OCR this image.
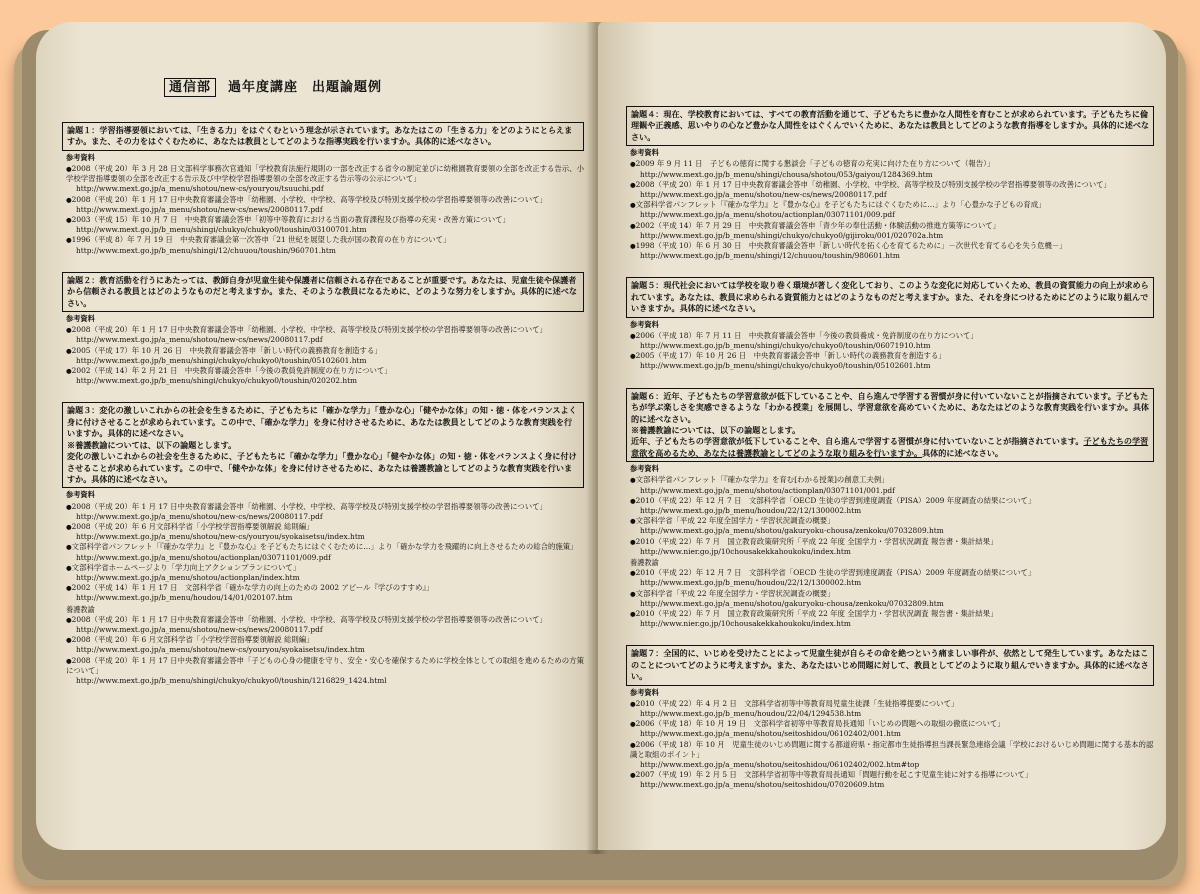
通信部 過年度講座　出題論題例
論題１：学習指導要領においては、「生きる力」をはぐくむという理念が示されています。あなたはこの「生きる力」をどのようにとらえますか。また、その力をはぐくむために、あなたは教員としてどのような指導実践を行いますか。具体的に述べなさい。
参考資料
● 2008（平成 20）年 3 月 28 日文部科学事務次官通知「学校教育法施行規則の一部を改正する省令の制定並びに幼稚園教育要領の全部を改正する告示、小学校学習指導要領の全部を改正する告示及び中学校学習指導要領の全部を改正する告示等の公示について」
http://www.mext.go.jp/a_menu/shotou/new-cs/youryou/tsuuchi.pdf
● 2008（平成 20）年 1 月 17 日中央教育審議会答申「幼稚園、小学校、中学校、高等学校及び特別支援学校の学習指導要領等の改善について」
http://www.mext.go.jp/a_menu/shotou/new-cs/news/20080117.pdf
● 2003（平成 15）年 10 月 7 日　中央教育審議会答申「初等中等教育における当面の教育課程及び指導の充実・改善方策について」
http://www.mext.go.jp/b_menu/shingi/chukyo/chukyo0/toushin/03100701.htm
● 1996（平成 8）年 7 月 19 日　中央教育審議会第一次答申「21 世紀を展望した我が国の教育の在り方について」
http://www.mext.go.jp/b_menu/shingi/12/chuuou/toushin/960701.htm
論題２：教育活動を行うにあたっては、教師自身が児童生徒や保護者に信頼される存在であることが重要です。あなたは、児童生徒や保護者から信頼される教員とはどのようなものだと考えますか。また、そのような教員になるために、どのような努力をしますか。具体的に述べなさい。
参考資料
● 2008（平成 20）年 1 月 17 日中央教育審議会答申「幼稚園、小学校、中学校、高等学校及び特別支援学校の学習指導要領等の改善について」
http://www.mext.go.jp/a_menu/shotou/new-cs/news/20080117.pdf
● 2005（平成 17）年 10 月 26 日　中央教育審議会答申「新しい時代の義務教育を創造する」
http://www.mext.go.jp/b_menu/shingi/chukyo/chukyo0/toushin/05102601.htm
● 2002（平成 14）年 2 月 21 日　中央教育審議会答申「今後の教員免許制度の在り方について」
http://www.mext.go.jp/b_menu/shingi/chukyo/chukyo0/toushin/020202.htm
論題３：変化の激しいこれからの社会を生きるために、子どもたちに「確かな学力」「豊かな心」「健やかな体」の知・徳・体をバランスよく身に付けさせることが求められています。この中で、「確かな学力」を身に付けさせるために、あなたは教員としてどのような教育実践を行いますか。具体的に述べなさい。
※養護教諭については、以下の論題とします。
変化の激しいこれからの社会を生きるために、子どもたちに「確かな学力」「豊かな心」「健やかな体」の知・徳・体をバランスよく身に付けさせることが求められています。この中で、「健やかな体」を身に付けさせるために、あなたは養護教諭としてどのような教育実践を行いますか。具体的に述べなさい。
参考資料
● 2008（平成 20）年 1 月 17 日中央教育審議会答申「幼稚園、小学校、中学校、高等学校及び特別支援学校の学習指導要領等の改善について」
http://www.mext.go.jp/a_menu/shotou/new-cs/news/20080117.pdf
● 2008（平成 20）年 6 月文部科学省「小学校学習指導要領解説 総則編」
http://www.mext.go.jp/a_menu/shotou/new-cs/youryou/syokaisetsu/index.htm
● 文部科学省パンフレット「『確かな学力』と『豊かな心』を子どもたちにはぐくむために…」より「確かな学力を飛躍的に向上させるための総合的施策」
http://www.mext.go.jp/a_menu/shotou/actionplan/03071101/009.pdf
● 文部科学省ホームページより「学力向上アクションプランについて」
http://www.mext.go.jp/a_menu/shotou/actionplan/index.htm
● 2002（平成 14）年 1 月 17 日　文部科学省「確かな学力の向上のための 2002 アピール『学びのすすめ』」
http://www.mext.go.jp/b_menu/houdou/14/01/020107.htm
養護教諭
● 2008（平成 20）年 1 月 17 日中央教育審議会答申「幼稚園、小学校、中学校、高等学校及び特別支援学校の学習指導要領等の改善について」
http://www.mext.go.jp/a_menu/shotou/new-cs/news/20080117.pdf
● 2008（平成 20）年 6 月文部科学省「小学校学習指導要領解説 総則編」
http://www.mext.go.jp/a_menu/shotou/new-cs/youryou/syokaisetsu/index.htm
● 2008（平成 20）年 1 月 17 日中央教育審議会答申「子どもの心身の健康を守り、安全・安心を確保するために学校全体としての取組を進めるための方策について」
http://www.mext.go.jp/b_menu/shingi/chukyo/chukyo0/toushin/1216829_1424.html
論題４：現在、学校教育においては、すべての教育活動を通じて、子どもたちに豊かな人間性を育むことが求められています。子どもたちに倫理観や正義感、思いやりの心など豊かな人間性をはぐくんでいくために、あなたは教員としてどのような教育指導をしますか。具体的に述べなさい。
参考資料
● 2009 年 9 月 11 日　子どもの徳育に関する懇談会「子どもの徳育の充実に向けた在り方について（報告）」
http://www.mext.go.jp/b_menu/shingi/chousa/shotou/053/gaiyou/1284369.htm
● 2008（平成 20）年 1 月 17 日中央教育審議会答申「幼稚園、小学校、中学校、高等学校及び特別支援学校の学習指導要領等の改善について」
http://www.mext.go.jp/a_menu/shotou/new-cs/news/20080117.pdf
● 文部科学省パンフレット「『確かな学力』と『豊かな心』を子どもたちにはぐくむために…」より「心豊かな子どもの育成」
http://www.mext.go.jp/a_menu/shotou/actionplan/03071101/009.pdf
● 2002（平成 14）年 7 月 29 日　中央教育審議会答申「青少年の奉仕活動・体験活動の推進方策等について」
http://www.mext.go.jp/b_menu/shingi/chukyo/chukyo0/gijiroku/001/020702a.htm
● 1998（平成 10）年 6 月 30 日　中央教育審議会答申「新しい時代を拓く心を育てるために」－次世代を育てる心を失う危機－」
http://www.mext.go.jp/b_menu/shingi/12/chuuou/toushin/980601.htm
論題５：現代社会においては学校を取り巻く環境が著しく変化しており、このような変化に対応していくため、教員の資質能力の向上が求められています。あなたは、教員に求められる資質能力とはどのようなものだと考えますか。また、それを身につけるためにどのように取り組んでいきますか。具体的に述べなさい。
参考資料
● 2006（平成 18）年 7 月 11 日　中央教育審議会答申「今後の教員養成・免許制度の在り方について」
http://www.mext.go.jp/b_menu/shingi/chukyo/chukyo0/toushin/06071910.htm
● 2005（平成 17）年 10 月 26 日　中央教育審議会答申「新しい時代の義務教育を創造する」
http://www.mext.go.jp/b_menu/shingi/chukyo/chukyo0/toushin/05102601.htm
論題６：近年、子どもたちの学習意欲が低下していることや、自ら進んで学習する習慣が身に付いていないことが指摘されています。子どもたちが学ぶ楽しさを実感できるような「わかる授業」を展開し、学習意欲を高めていくために、あなたはどのような教育実践を行いますか。具体的に述べなさい。
※養護教諭については、以下の論題とします。
近年、子どもたちの学習意欲が低下していることや、自ら進んで学習する習慣が身に付いていないことが指摘されています。子どもたちの学習意欲を高めるため、あなたは養護教諭としてどのような取り組みを行いますか。具体的に述べなさい。
参考資料
● 文部科学省パンフレット「『確かな学力』を育む[わかる授業]の創意工夫例」
http://www.mext.go.jp/a_menu/shotou/actionplan/03071101/001.pdf
● 2010（平成 22）年 12 月 7 日　文部科学省「OECD 生徒の学習到達度調査（PISA）2009 年度調査の結果について」
http://www.mext.go.jp/b_menu/houdou/22/12/1300002.htm
● 文部科学省「平成 22 年度全国学力・学習状況調査の概要」
http://www.mext.go.jp/a_menu/shotou/gakuryoku-chousa/zenkoku/07032809.htm
● 2010（平成 22）年 7 月　国立教育政策研究所「平成 22 年度 全国学力・学習状況調査 報告書・集計結果」
http://www.nier.go.jp/10chousakekkahoukoku/index.htm
養護教諭
● 2010（平成 22）年 12 月 7 日　文部科学省「OECD 生徒の学習到達度調査（PISA）2009 年度調査の結果について」
http://www.mext.go.jp/b_menu/houdou/22/12/1300002.htm
● 文部科学省「平成 22 年度全国学力・学習状況調査の概要」
http://www.mext.go.jp/a_menu/shotou/gakuryoku-chousa/zenkoku/07032809.htm
● 2010（平成 22）年 7 月　国立教育政策研究所「平成 22 年度 全国学力・学習状況調査 報告書・集計結果」
http://www.nier.go.jp/10chousakekkahoukoku/index.htm
論題７：全国的に、いじめを受けたことによって児童生徒が自らその命を絶つという痛ましい事件が、依然として発生しています。あなたはこのことについてどのように考えますか。また、あなたはいじめ問題に対して、教員としてどのように取り組んでいきますか。具体的に述べなさい。
参考資料
● 2010（平成 22）年 4 月 2 日　文部科学省初等中等教育局児童生徒課「生徒指導提要について」
http://www.mext.go.jp/b_menu/houdou/22/04/1294538.htm
● 2006（平成 18）年 10 月 19 日　文部科学省初等中等教育局長通知「いじめの問題への取組の徹底について」
http://www.mext.go.jp/a_menu/shotou/seitoshidou/06102402/001.htm
● 2006（平成 18）年 10 月　児童生徒のいじめ問題に関する都道府県・指定都市生徒指導担当課長緊急連絡会議「学校におけるいじめ問題に関する基本的認識と取組のポイント」
http://www.mext.go.jp/a_menu/shotou/seitoshidou/06102402/002.htm#top
● 2007（平成 19）年 2 月 5 日　文部科学省初等中等教育局長通知「問題行動を起こす児童生徒に対する指導について」
http://www.mext.go.jp/a_menu/shotou/seitoshidou/07020609.htm
